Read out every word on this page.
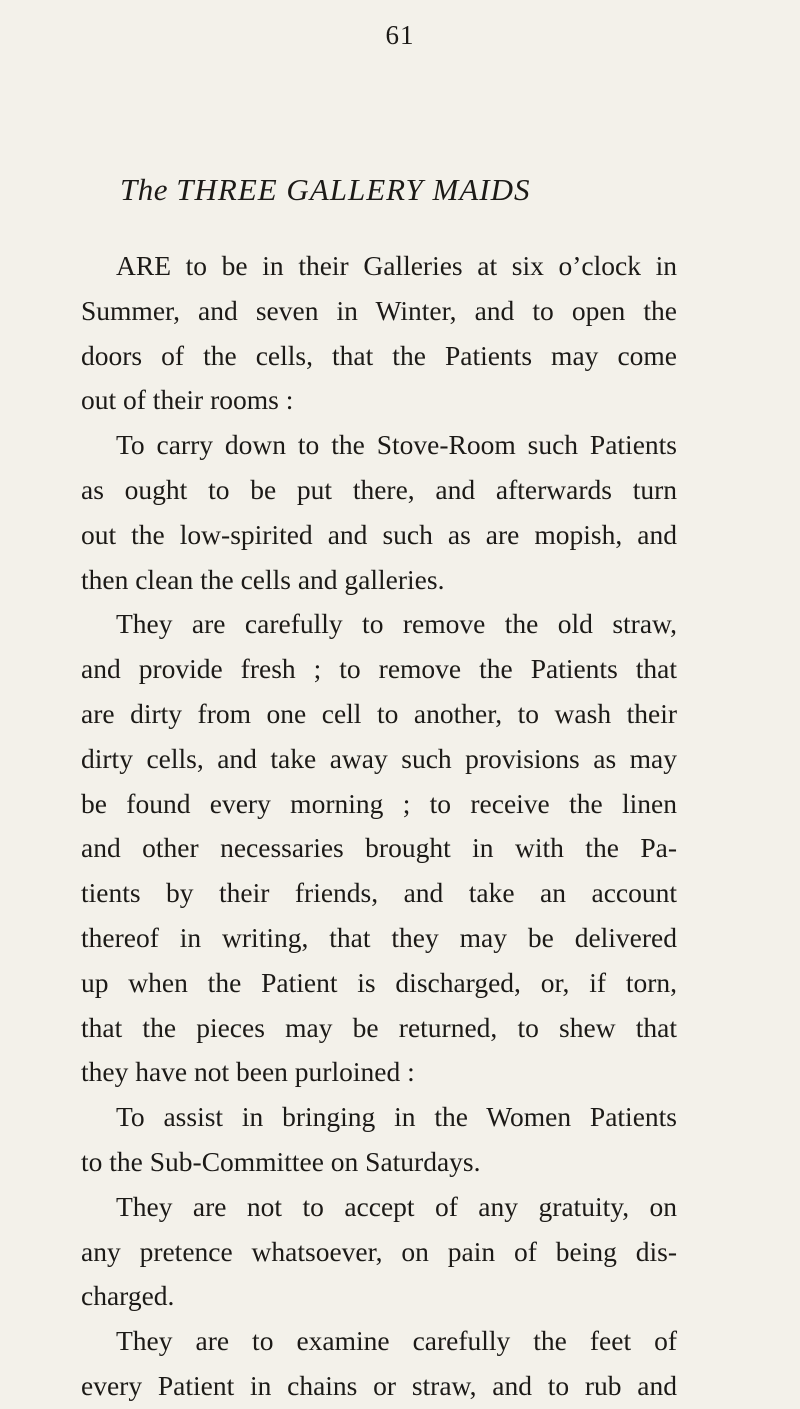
61
The THREE GALLERY MAIDS
ARE to be in their Galleries at six o’clock in
Summer, and seven in Winter, and to open the
doors of the cells, that the Patients may come
out of their rooms :
To carry down to the Stove-Room such Patients
as ought to be put there, and afterwards turn
out the low-spirited and such as are mopish, and
then clean the cells and galleries.
They are carefully to remove the old straw,
and provide fresh ; to remove the Patients that
are dirty from one cell to another, to wash their
dirty cells, and take away such provisions as may
be found every morning ; to receive the linen
and other necessaries brought in with the Pa-
tients by their friends, and take an account
thereof in writing, that they may be delivered
up when the Patient is discharged, or, if torn,
that the pieces may be returned, to shew that
they have not been purloined :
To assist in bringing in the Women Patients
to the Sub-Committee on Saturdays.
They are not to accept of any gratuity, on
any pretence whatsoever, on pain of being dis-
charged.
They are to examine carefully the feet of
every Patient in chains or straw, and to rub and
